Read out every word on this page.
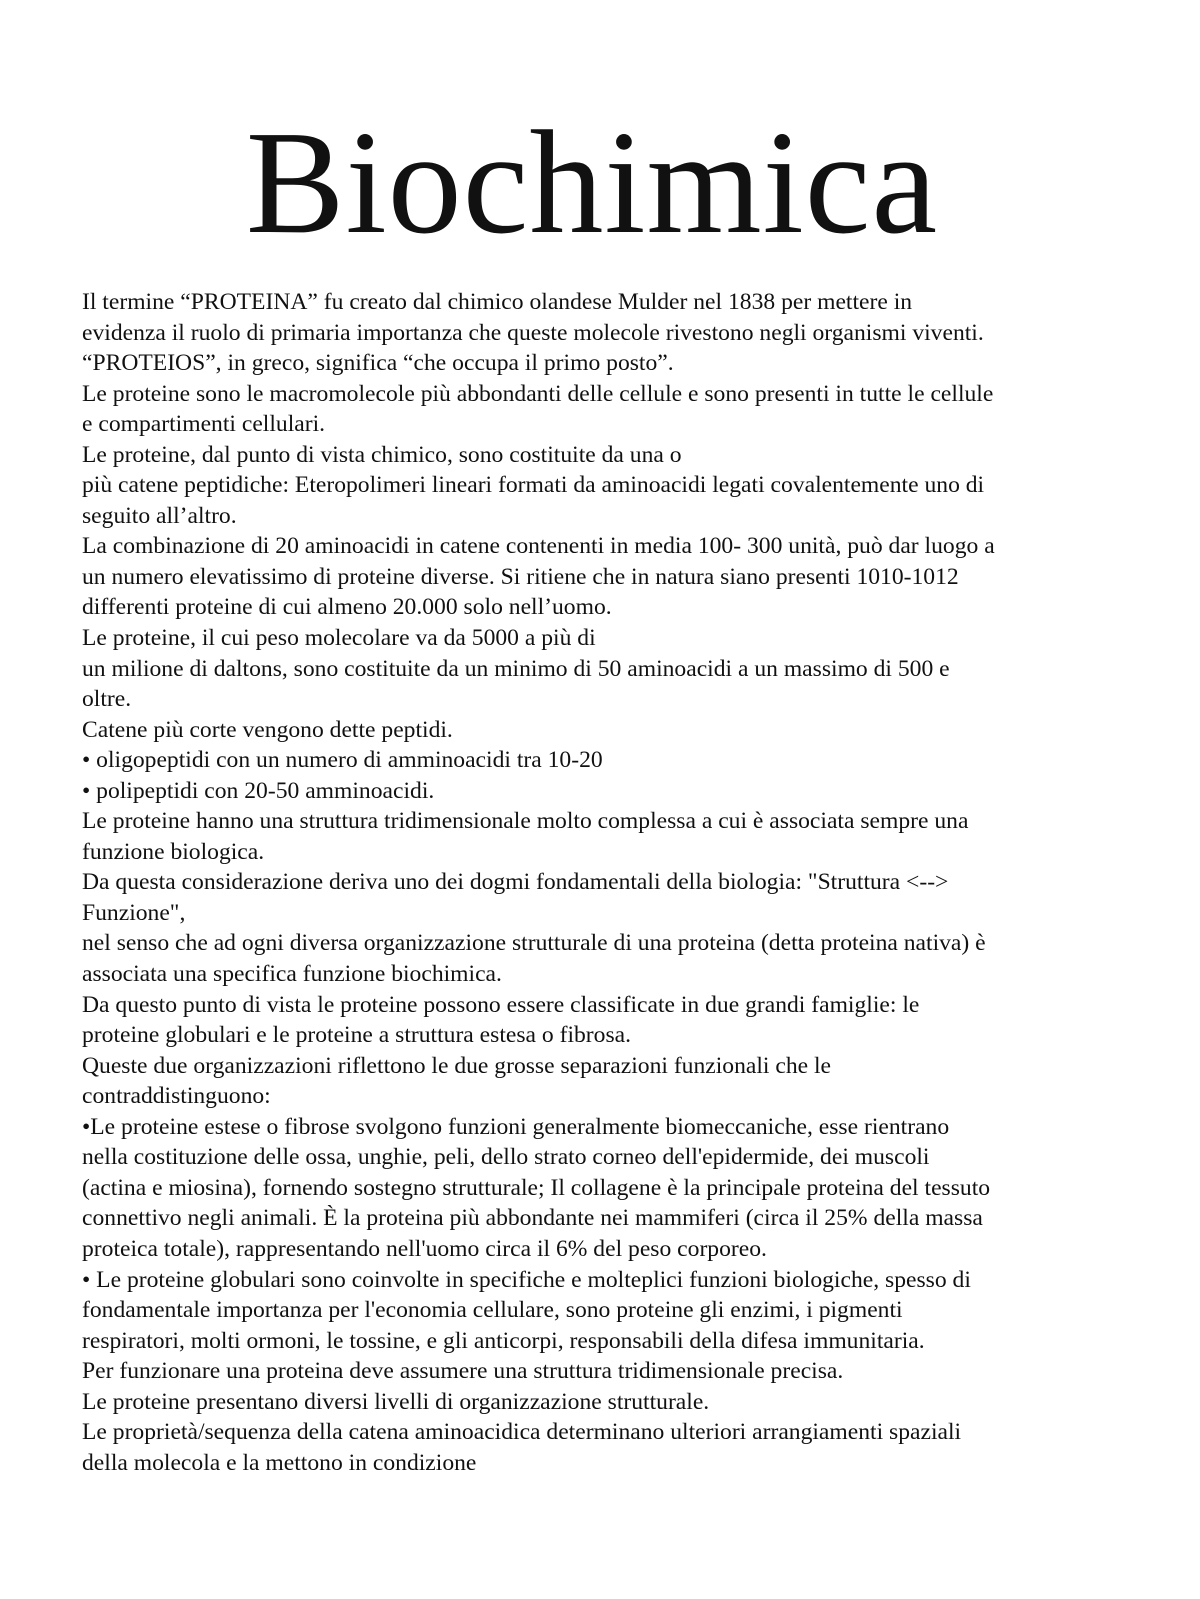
Biochimica
Il termine “PROTEINA” fu creato dal chimico olandese Mulder nel 1838 per mettere in
evidenza il ruolo di primaria importanza che queste molecole rivestono negli organismi viventi.
“PROTEIOS”, in greco, significa “che occupa il primo posto”.
Le proteine sono le macromolecole più abbondanti delle cellule e sono presenti in tutte le cellule
e compartimenti cellulari.
Le proteine, dal punto di vista chimico, sono costituite da una o
più catene peptidiche: Eteropolimeri lineari formati da aminoacidi legati covalentemente uno di
seguito all’altro.
La combinazione di 20 aminoacidi in catene contenenti in media 100- 300 unità, può dar luogo a
un numero elevatissimo di proteine diverse. Si ritiene che in natura siano presenti 1010-1012
differenti proteine di cui almeno 20.000 solo nell’uomo.
Le proteine, il cui peso molecolare va da 5000 a più di
un milione di daltons, sono costituite da un minimo di 50 aminoacidi a un massimo di 500 e
oltre.
Catene più corte vengono dette peptidi.
• oligopeptidi con un numero di amminoacidi tra 10-20
• polipeptidi con 20-50 amminoacidi.
Le proteine hanno una struttura tridimensionale molto complessa a cui è associata sempre una
funzione biologica.
Da questa considerazione deriva uno dei dogmi fondamentali della biologia: "Struttura <-->
Funzione",
nel senso che ad ogni diversa organizzazione strutturale di una proteina (detta proteina nativa) è
associata una specifica funzione biochimica.
Da questo punto di vista le proteine possono essere classificate in due grandi famiglie: le
proteine globulari e le proteine a struttura estesa o fibrosa.
Queste due organizzazioni riflettono le due grosse separazioni funzionali che le
contraddistinguono:
•Le proteine estese o fibrose svolgono funzioni generalmente biomeccaniche, esse rientrano
nella costituzione delle ossa, unghie, peli, dello strato corneo dell'epidermide, dei muscoli
(actina e miosina), fornendo sostegno strutturale; Il collagene è la principale proteina del tessuto
connettivo negli animali. È la proteina più abbondante nei mammiferi (circa il 25% della massa
proteica totale), rappresentando nell'uomo circa il 6% del peso corporeo.
• Le proteine globulari sono coinvolte in specifiche e molteplici funzioni biologiche, spesso di
fondamentale importanza per l'economia cellulare, sono proteine gli enzimi, i pigmenti
respiratori, molti ormoni, le tossine, e gli anticorpi, responsabili della difesa immunitaria.
Per funzionare una proteina deve assumere una struttura tridimensionale precisa.
Le proteine presentano diversi livelli di organizzazione strutturale.
Le proprietà/sequenza della catena aminoacidica determinano ulteriori arrangiamenti spaziali
della molecola e la mettono in condizione
